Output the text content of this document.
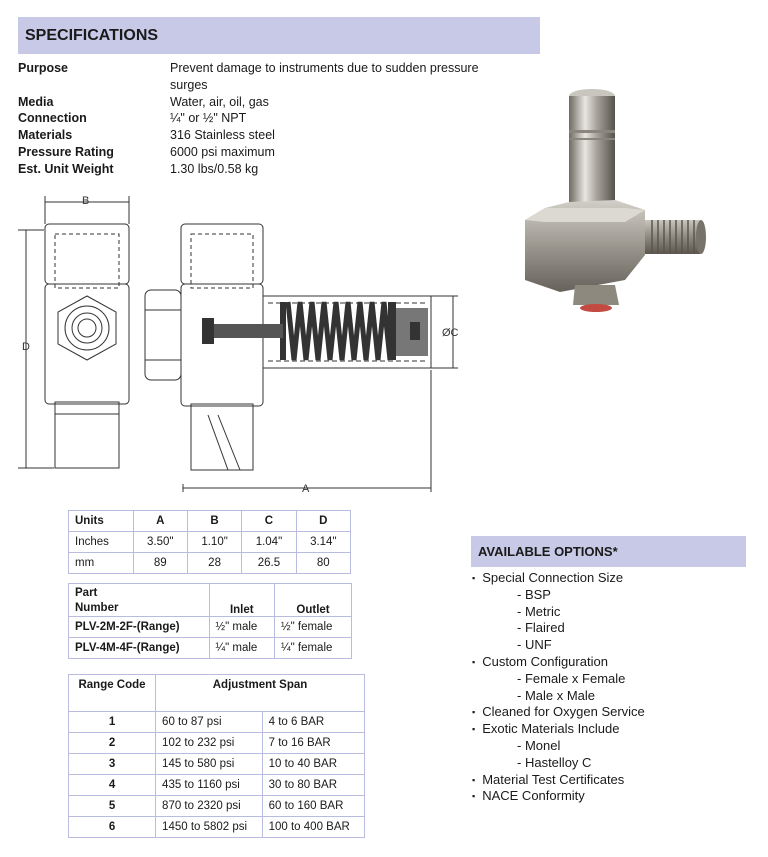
SPECIFICATIONS
Purpose	Prevent damage to instruments due to sudden pressure surges
Media	Water, air, oil, gas
Connection	¼" or ½" NPT
Materials	316 Stainless steel
Pressure Rating	6000 psi maximum
Est. Unit Weight	1.30 lbs/0.58 kg
B
D
A
ØC
Units	A	B	C	D
Inches	3.50"	1.10"	1.04"	3.14"
mm	89	28	26.5	80
Part
Number	Inlet	Outlet
PLV-2M-2F-(Range)	½" male	½" female
PLV-4M-4F-(Range)	¼" male	¼" female
Range Code	Adjustment Span	
1	60 to 87 psi	4 to 6 BAR
2	102 to 232 psi	7 to 16 BAR
3	145 to 580 psi	10 to 40 BAR
4	435 to 1160 psi	30 to 80 BAR
5	870 to 2320 psi	60 to 160 BAR
6	1450 to 5802 psi	100 to 400 BAR
AVAILABLE OPTIONS*
▪ Special Connection Size
- BSP
- Metric
- Flaired
- UNF
▪ Custom Configuration
- Female x Female
- Male x Male
▪ Cleaned for Oxygen Service
▪ Exotic Materials Include
- Monel
- Hastelloy C
▪ Material Test Certificates
▪ NACE Conformity
